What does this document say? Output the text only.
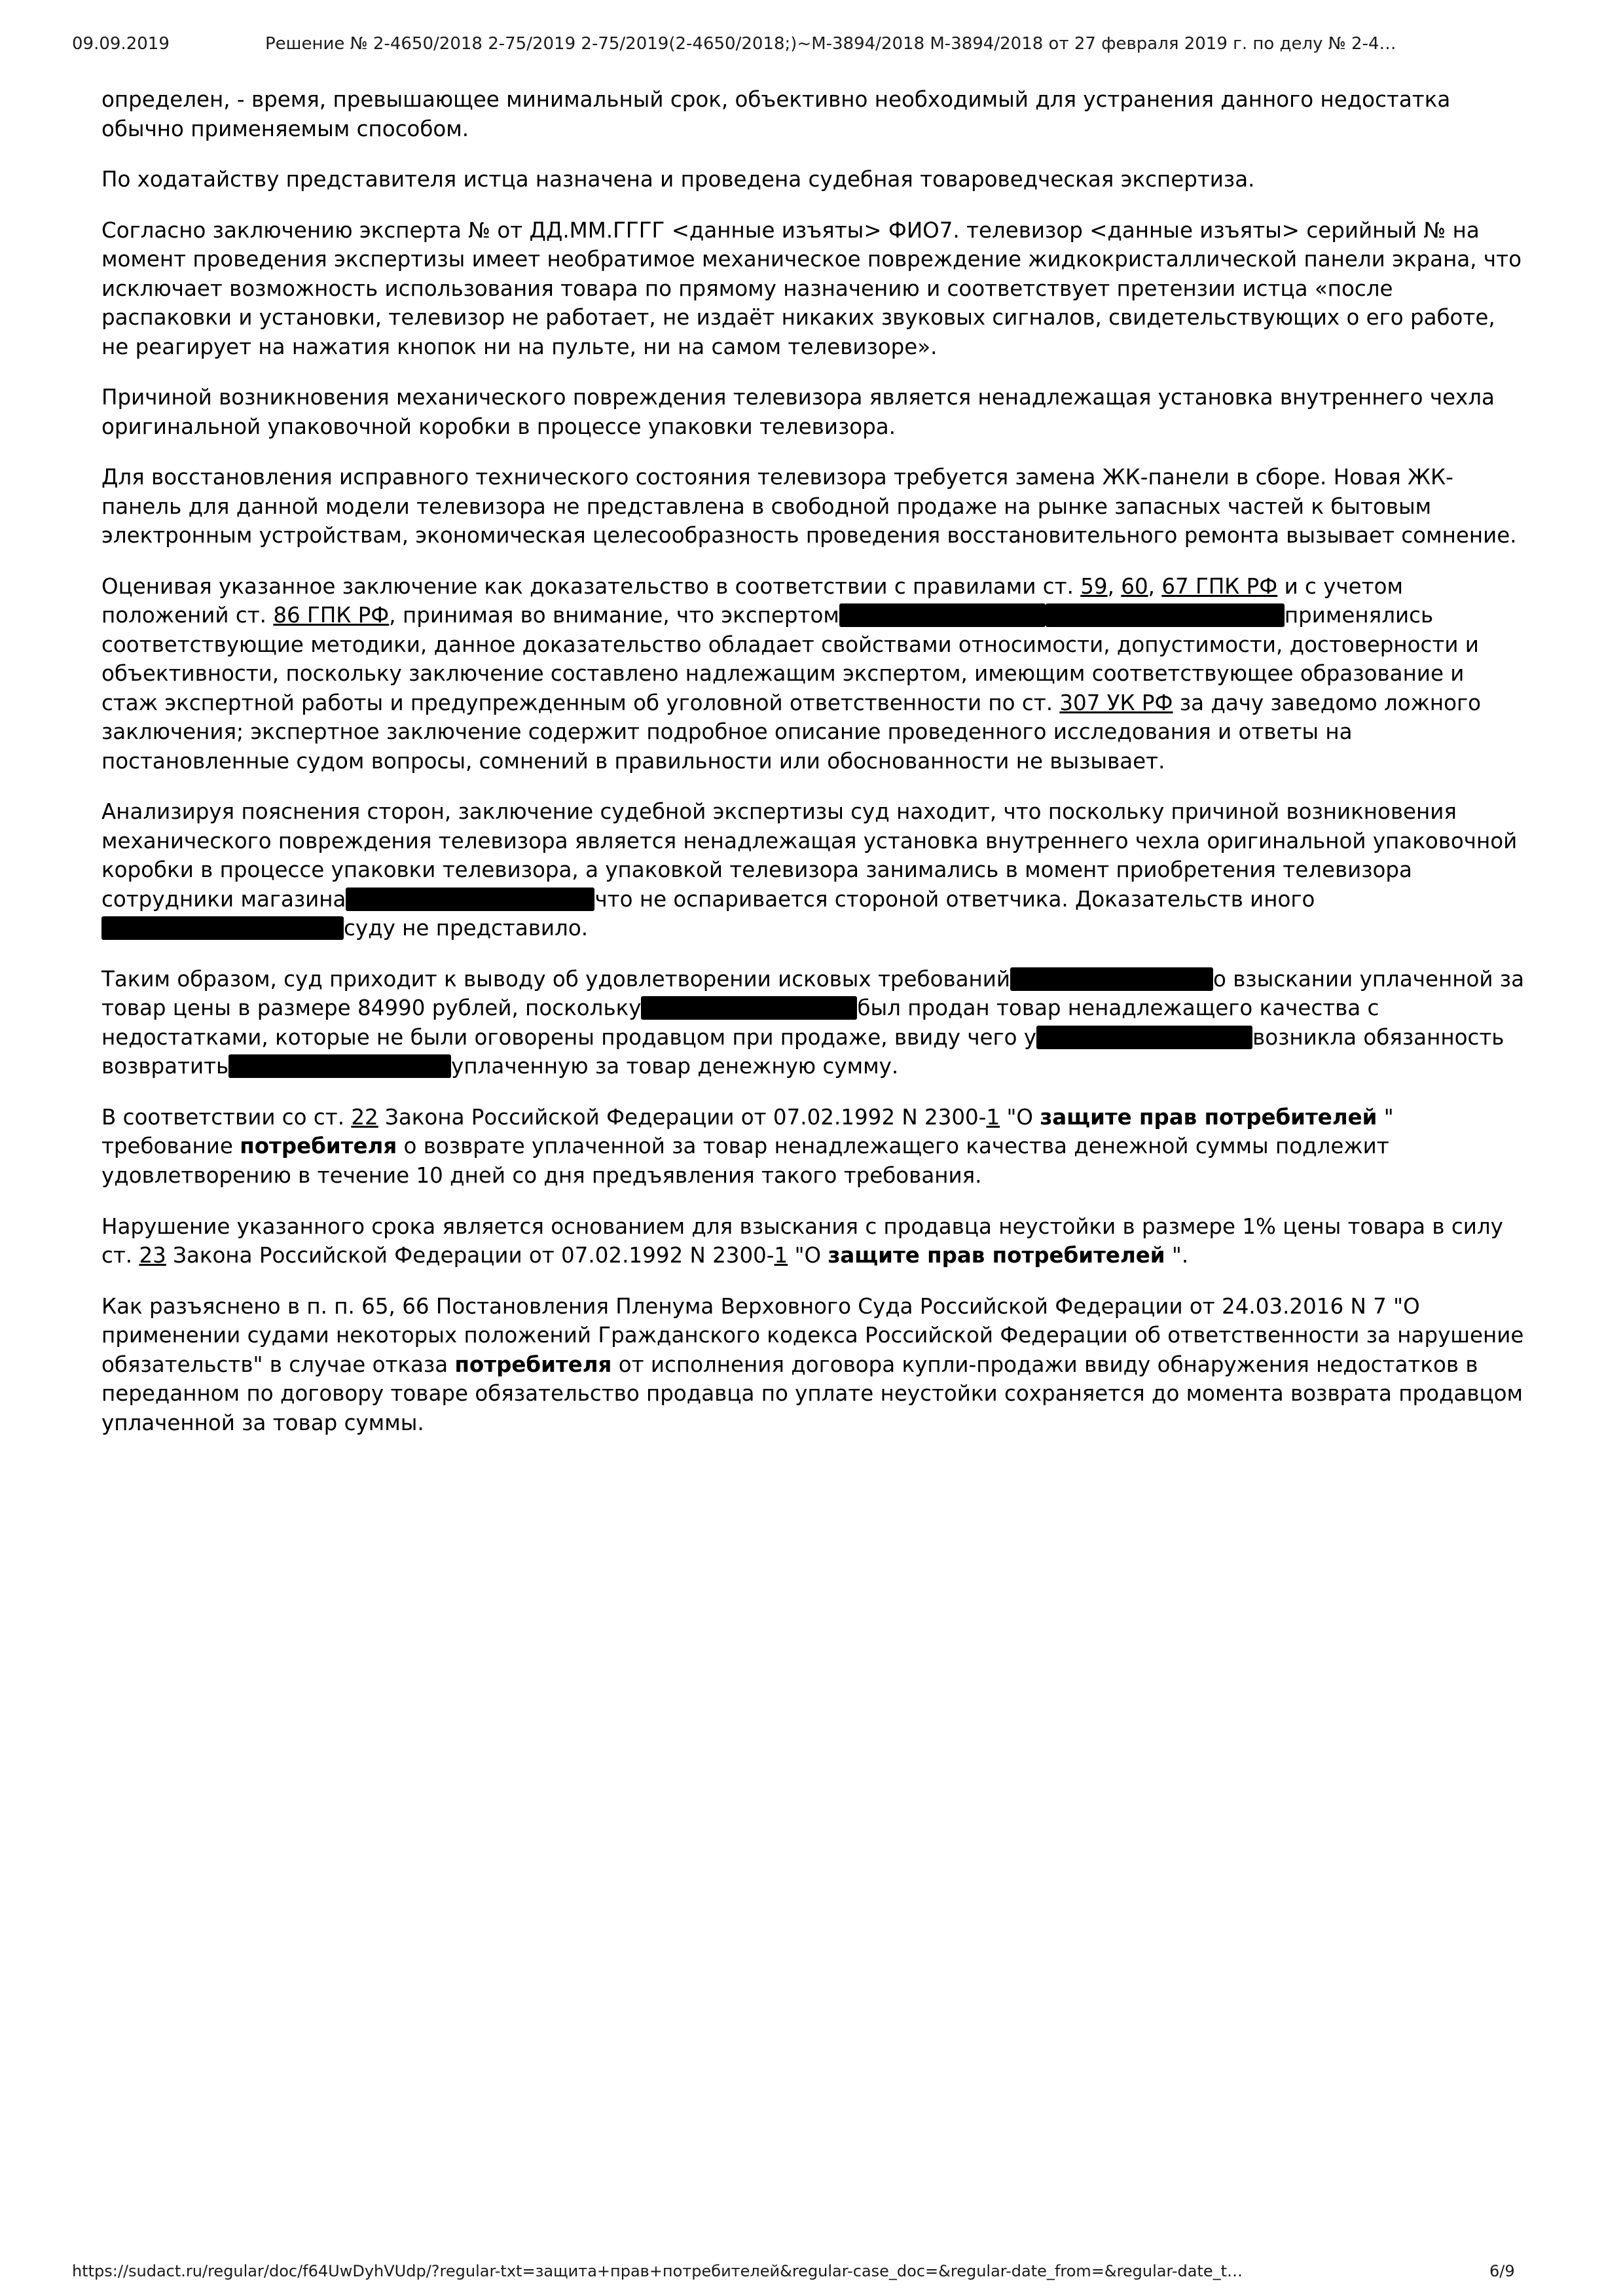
09.09.2019	Решение № 2-4650/2018 2-75/2019 2-75/2019(2-4650/2018;)~М-3894/2018 М-3894/2018 от 27 февраля 2019 г. по делу № 2-4…

определен, - время, превышающее минимальный срок, объективно необходимый для устранения данного недостатка обычно применяемым способом.

По ходатайству представителя истца назначена и проведена судебная товароведческая экспертиза.

Согласно заключению эксперта № от ДД.ММ.ГГГГ <данные изъяты> ФИО7. телевизор <данные изъяты> серийный № на момент проведения экспертизы имеет необратимое механическое повреждение жидкокристаллической панели экрана, что исключает возможность использования товара по прямому назначению и соответствует претензии истца «после распаковки и установки, телевизор не работает, не издаёт никаких звуковых сигналов, свидетельствующих о его работе, не реагирует на нажатия кнопок ни на пульте, ни на самом телевизоре».

Причиной возникновения механического повреждения телевизора является ненадлежащая установка внутреннего чехла оригинальной упаковочной коробки в процессе упаковки телевизора.

Для восстановления исправного технического состояния телевизора требуется замена ЖК-панели в сборе. Новая ЖК-панель для данной модели телевизора не представлена в свободной продаже на рынке запасных частей к бытовым электронным устройствам, экономическая целесообразность проведения восстановительного ремонта вызывает сомнение.

Оценивая указанное заключение как доказательство в соответствии с правилами ст. 59, 60, 67 ГПК РФ и с учетом положений ст. 86 ГПК РФ, принимая во внимание, что экспертом	применялись соответствующие методики, данное доказательство обладает свойствами относимости, допустимости, достоверности и объективности, поскольку заключение составлено надлежащим экспертом, имеющим соответствующее образование и стаж экспертной работы и предупрежденным об уголовной ответственности по ст. 307 УК РФ за дачу заведомо ложного заключения; экспертное заключение содержит подробное описание проведенного исследования и ответы на постановленные судом вопросы, сомнений в правильности или обоснованности не вызывает.

Анализируя пояснения сторон, заключение судебной экспертизы суд находит, что поскольку причиной возникновения механического повреждения телевизора является ненадлежащая установка внутреннего чехла оригинальной упаковочной коробки в процессе упаковки телевизора, а упаковкой телевизора занимались в момент приобретения телевизора сотрудники магазина	что не оспаривается стороной ответчика. Доказательств иногосуду не представило.

Таким образом, суд приходит к выводу об удовлетворении исковых требований	о взыскании уплаченной за товар цены в размере 84990 рублей, поскольку	был продан товар ненадлежащего качества с недостатками, которые не были оговорены продавцом при продаже, ввиду чего у	возникла обязанность возвратить	уплаченную за товар денежную сумму.

В соответствии со ст. 22 Закона Российской Федерации от 07.02.1992 N 2300-1 "О защите прав потребителей " требование потребителя о возврате уплаченной за товар ненадлежащего качества денежной суммы подлежит удовлетворению в течение 10 дней со дня предъявления такого требования.

Нарушение указанного срока является основанием для взыскания с продавца неустойки в размере 1% цены товара в силу ст. 23 Закона Российской Федерации от 07.02.1992 N 2300-1 "О защите прав потребителей ".

Как разъяснено в п. п. 65, 66 Постановления Пленума Верховного Суда Российской Федерации от 24.03.2016 N 7 "О применении судами некоторых положений Гражданского кодекса Российской Федерации об ответственности за нарушение обязательств" в случае отказа потребителя от исполнения договора купли-продажи ввиду обнаружения недостатков в переданном по договору товаре обязательство продавца по уплате неустойки сохраняется до момента возврата продавцом уплаченной за товар суммы.

https://sudact.ru/regular/doc/f64UwDyhVUdp/?regular-txt=защита+прав+потребителей&regular-case_doc=&regular-date_from=&regular-date_t…	6/9
